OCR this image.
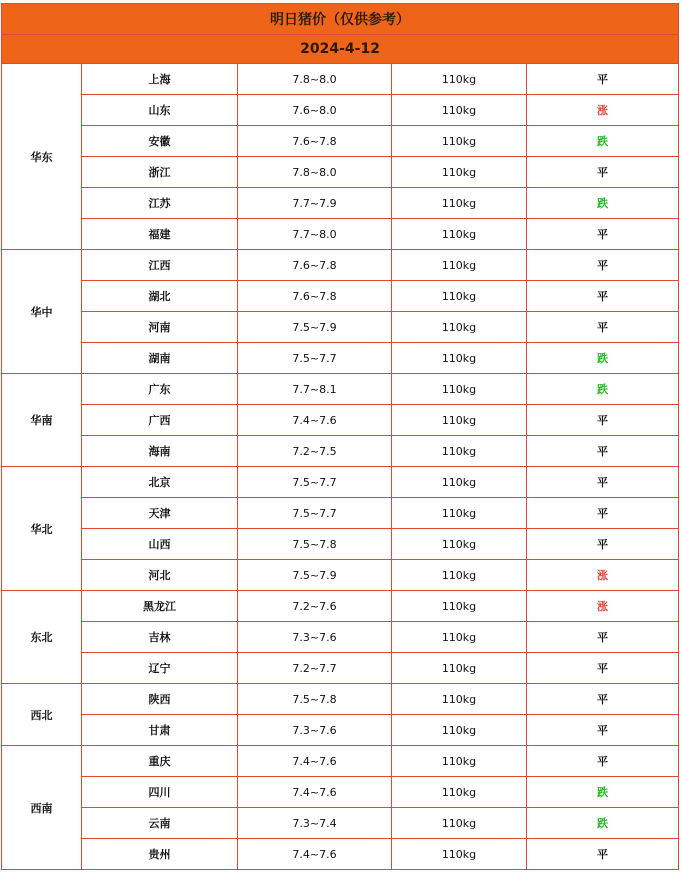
明日猪价（仅供参考）				
2024-4-12				
华东	上海	7.8~8.0	110kg	平
	山东	7.6~8.0	110kg	涨
	安徽	7.6~7.8	110kg	跌
	浙江	7.8~8.0	110kg	平
	江苏	7.7~7.9	110kg	跌
	福建	7.7~8.0	110kg	平
华中	江西	7.6~7.8	110kg	平
	湖北	7.6~7.8	110kg	平
	河南	7.5~7.9	110kg	平
	湖南	7.5~7.7	110kg	跌
华南	广东	7.7~8.1	110kg	跌
	广西	7.4~7.6	110kg	平
	海南	7.2~7.5	110kg	平
华北	北京	7.5~7.7	110kg	平
	天津	7.5~7.7	110kg	平
	山西	7.5~7.8	110kg	平
	河北	7.5~7.9	110kg	涨
东北	黑龙江	7.2~7.6	110kg	涨
	吉林	7.3~7.6	110kg	平
	辽宁	7.2~7.7	110kg	平
西北	陕西	7.5~7.8	110kg	平
	甘肃	7.3~7.6	110kg	平
西南	重庆	7.4~7.6	110kg	平
	四川	7.4~7.6	110kg	跌
	云南	7.3~7.4	110kg	跌
	贵州	7.4~7.6	110kg	平
